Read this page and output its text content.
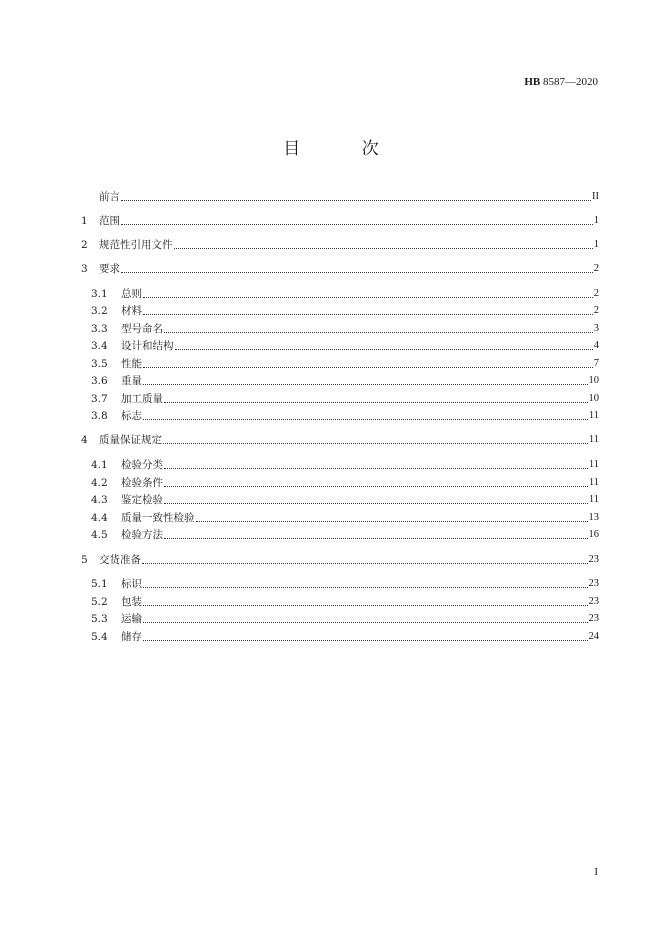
HB 8587—2020
目 次
前言	II
1	范围	1
2	规范性引用文件	1
3	要求	2
3.1	总则	2
3.2	材料	2
3.3	型号命名	3
3.4	设计和结构	4
3.5	性能	7
3.6	重量	10
3.7	加工质量	10
3.8	标志	11
4	质量保证规定	11
4.1	检验分类	11
4.2	检验条件	11
4.3	鉴定检验	11
4.4	质量一致性检验	13
4.5	检验方法	16
5	交货准备	23
5.1	标识	23
5.2	包装	23
5.3	运输	23
5.4	储存	24
I
